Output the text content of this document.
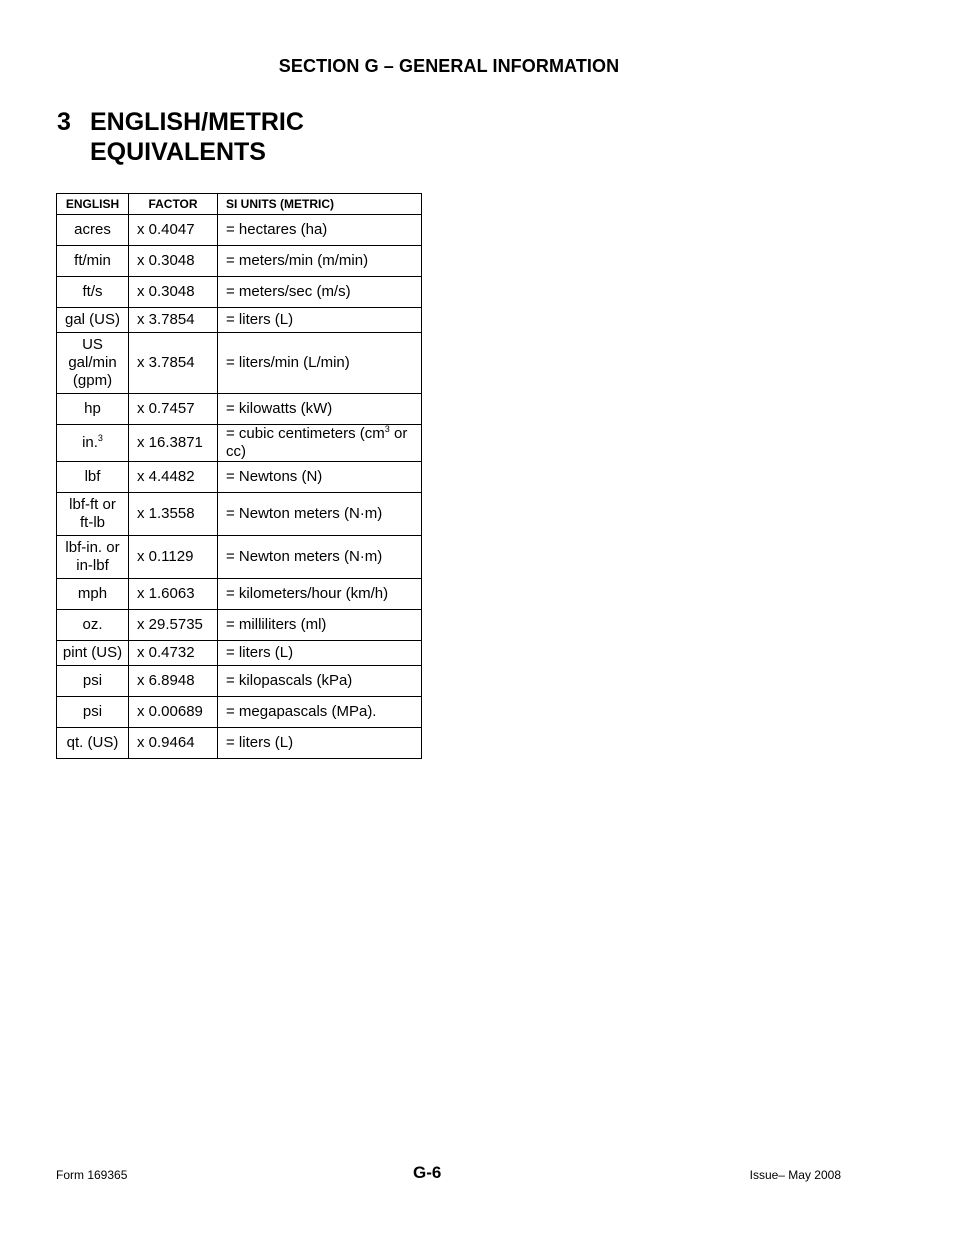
SECTION G – GENERAL INFORMATION
3 ENGLISH/METRIC EQUIVALENTS
ENGLISH	FACTOR	SI UNITS (METRIC)
acres	x 0.4047	= hectares (ha)
ft/min	x 0.3048	= meters/min (m/min)
ft/s	x 0.3048	= meters/sec (m/s)
gal (US)	x 3.7854	= liters (L)
US gal/min (gpm)	x 3.7854	= liters/min (L/min)
hp	x 0.7457	= kilowatts (kW)
in.$^3$	x 16.3871	= cubic centimeters ($cm^3$ or cc)
lbf	x 4.4482	= Newtons (N)
lbf-ft or ft-lb	x 1.3558	= Newton meters (N·m)
lbf-in. or in-lbf	x 0.1129	= Newton meters (N·m)
mph	x 1.6063	= kilometers/hour (km/h)
oz.	x 29.5735	= milliliters (ml)
pint (US)	x 0.4732	= liters (L)
psi	x 6.8948	= kilopascals (kPa)
psi	x 0.00689	= megapascals (MPa).
qt. (US)	x 0.9464	= liters (L)
Form 169365	G-6	Issue– May 2008
